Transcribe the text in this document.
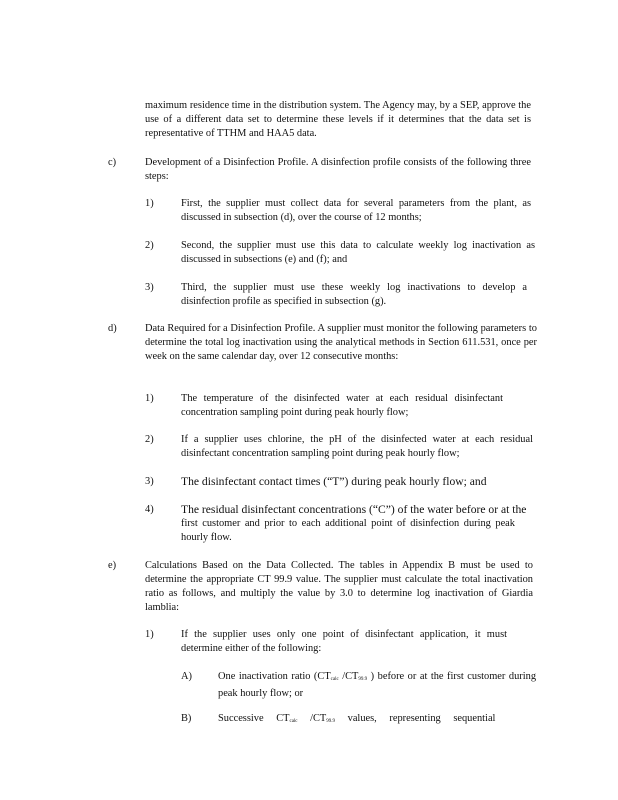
maximum residence time in the distribution system. The Agency may, by a SEP, approve the use of a different data set to determine these levels if it determines that the data set is representative of TTHM and HAA5 data.
c)	Development of a Disinfection Profile. A disinfection profile consists of the following three steps:
1)	First, the supplier must collect data for several parameters from the plant, as discussed in subsection (d), over the course of 12 months;
2)	Second, the supplier must use this data to calculate weekly log inactivation as discussed in subsections (e) and (f); and
3)	Third, the supplier must use these weekly log inactivations to develop a disinfection profile as specified in subsection (g).
d)	Data Required for a Disinfection Profile. A supplier must monitor the following parameters to determine the total log inactivation using the analytical methods in Section 611.531, once per week on the same calendar day, over 12 consecutive months:
1)	The temperature of the disinfected water at each residual disinfectant concentration sampling point during peak hourly flow;
2)	If a supplier uses chlorine, the pH of the disinfected water at each residual disinfectant concentration sampling point during peak hourly flow;
3) The disinfectant contact times (“T”) during peak hourly flow; and
4) The residual disinfectant concentrations (“C”) of the water before or at the
first customer and prior to each additional point of disinfection during peak hourly flow.
e)	Calculations Based on the Data Collected. The tables in Appendix B must be used to determine the appropriate CT 99.9 value. The supplier must calculate the total inactivation ratio as follows, and multiply the value by 3.0 to determine log inactivation of Giardia lamblia:
1)	If the supplier uses only one point of disinfectant application, it must determine either of the following:
A)	One inactivation ratio ($CT_{calc}$ $/CT_{99.9}$ ) before or at the first customer during peak hourly flow; or
B)	Successive $CT_{calc}$ $/CT_{99.9}$ values, representing sequential
